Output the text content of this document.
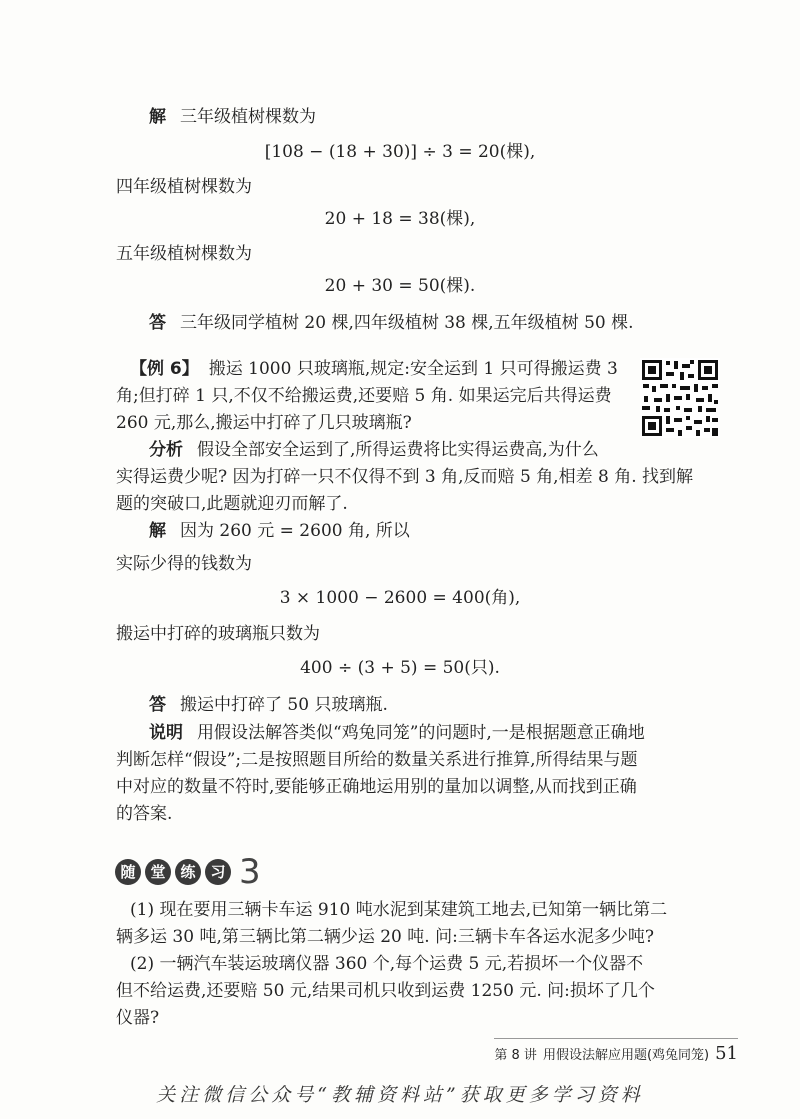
解 三年级植树棵数为
[108 − (18 + 30)] ÷ 3 = 20(棵),
四年级植树棵数为
20 + 18 = 38(棵),
五年级植树棵数为
20 + 30 = 50(棵).
答 三年级同学植树 20 棵,四年级植树 38 棵,五年级植树 50 棵.
【例 6】 搬运 1000 只玻璃瓶,规定:安全运到 1 只可得搬运费 3
角;但打碎 1 只,不仅不给搬运费,还要赔 5 角. 如果运完后共得运费
260 元,那么,搬运中打碎了几只玻璃瓶?
分析 假设全部安全运到了,所得运费将比实得运费高,为什么
实得运费少呢? 因为打碎一只不仅得不到 3 角,反而赔 5 角,相差 8 角. 找到解
题的突破口,此题就迎刃而解了.
解 因为 260 元 = 2600 角, 所以
实际少得的钱数为
3 × 1000 − 2600 = 400(角),
搬运中打碎的玻璃瓶只数为
400 ÷ (3 + 5) = 50(只).
答 搬运中打碎了 50 只玻璃瓶.
说明 用假设法解答类似“鸡兔同笼”的问题时,一是根据题意正确地
判断怎样“假设”;二是按照题目所给的数量关系进行推算,所得结果与题
中对应的数量不符时,要能够正确地运用别的量加以调整,从而找到正确
的答案.
随 堂 练 习 3
(1) 现在要用三辆卡车运 910 吨水泥到某建筑工地去,已知第一辆比第二
辆多运 30 吨,第三辆比第二辆少运 20 吨. 问:三辆卡车各运水泥多少吨?
(2) 一辆汽车装运玻璃仪器 360 个,每个运费 5 元,若损坏一个仪器不
但不给运费,还要赔 50 元,结果司机只收到运费 1250 元. 问:损坏了几个
仪器?
第 8 讲 用假设法解应用题(鸡兔同笼) 51
关注微信公众号“教辅资料站”获取更多学习资料
